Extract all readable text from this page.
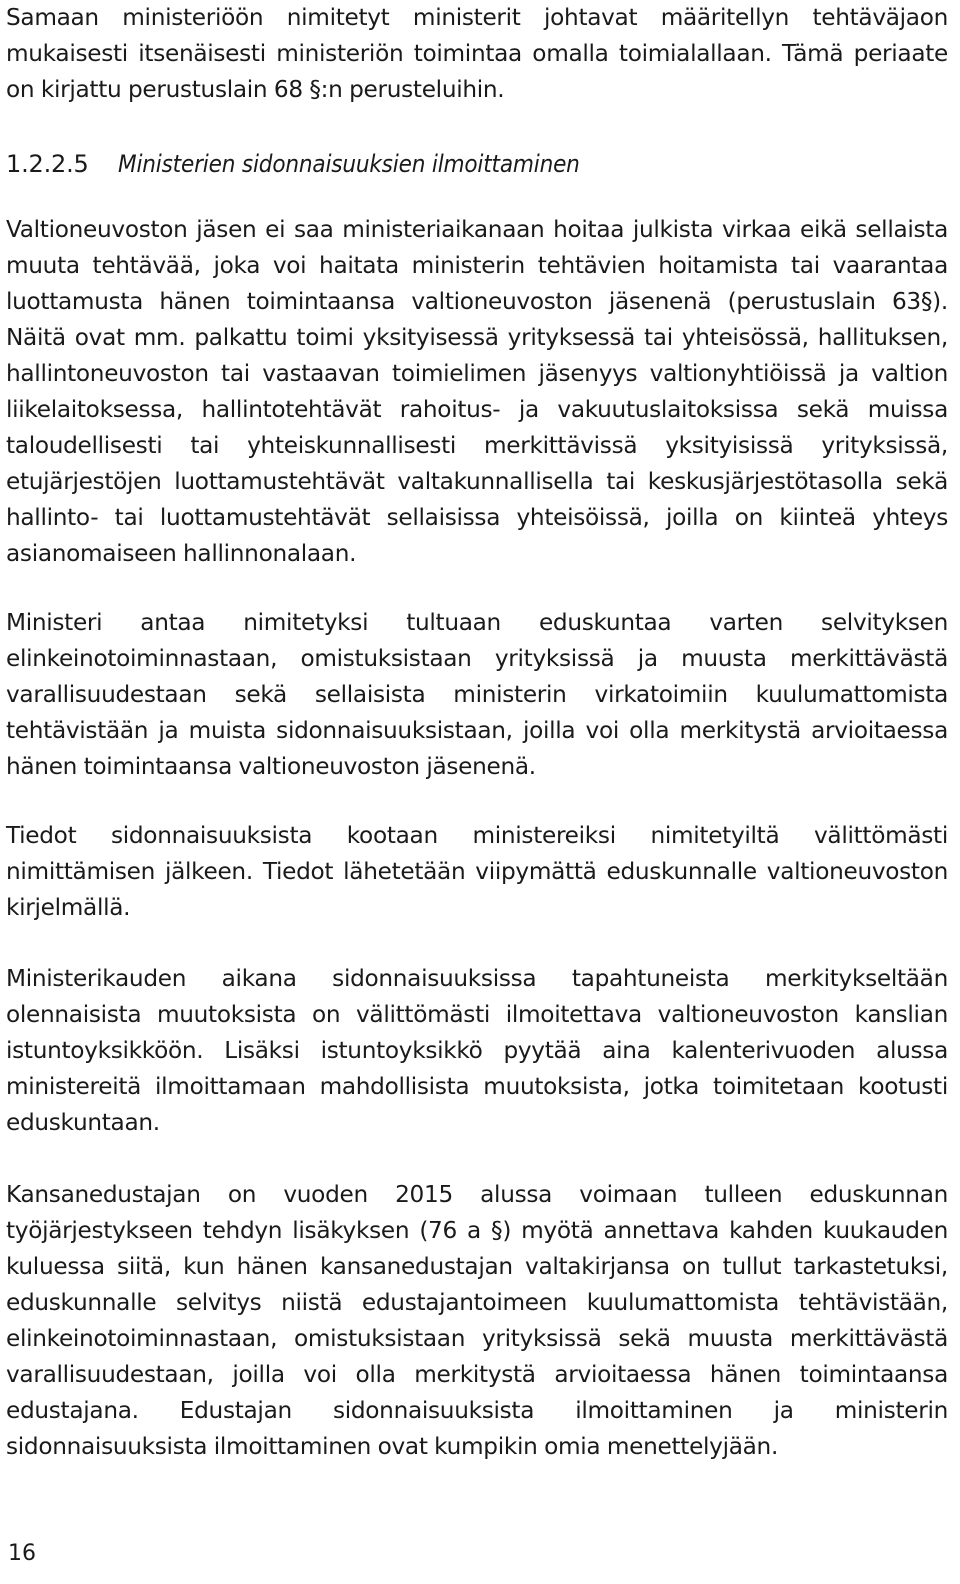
Samaan ministeriöön nimitetyt ministerit johtavat määritellyn tehtäväjaon mukaisesti itsenäisesti ministeriön toimintaa omalla toimialallaan. Tämä periaate on kirjattu perustuslain 68 §:n perusteluihin.

1.2.2.5 Ministerien sidonnaisuuksien ilmoittaminen

Valtioneuvoston jäsen ei saa ministeriaikanaan hoitaa julkista virkaa eikä sellaista muuta tehtävää, joka voi haitata ministerin tehtävien hoitamista tai vaarantaa luottamusta hänen toimintaansa valtioneuvoston jäsenenä (perustuslain 63§). Näitä ovat mm. palkattu toimi yksityisessä yrityksessä tai yhteisössä, hallituksen, hallintoneuvoston tai vastaavan toimielimen jäsenyys valtionyhtiöissä ja valtion liikelaitoksessa, hallintotehtävät rahoitus- ja vakuutuslaitoksissa sekä muissa taloudellisesti tai yhteiskunnallisesti merkittävissä yksityisissä yrityksissä, etujärjestöjen luottamustehtävät valtakunnallisella tai keskusjärjestötasolla sekä hallinto- tai luottamustehtävät sellaisissa yhteisöissä, joilla on kiinteä yhteys asianomaiseen hallinnonalaan.

Ministeri antaa nimitetyksi tultuaan eduskuntaa varten selvityksen elinkeinotoiminnastaan, omistuksistaan yrityksissä ja muusta merkittävästä varallisuudestaan sekä sellaisista ministerin virkatoimiin kuulumattomista tehtävistään ja muista sidonnaisuuksistaan, joilla voi olla merkitystä arvioitaessa hänen toimintaansa valtioneuvoston jäsenenä.

Tiedot sidonnaisuuksista kootaan ministereiksi nimitetyiltä välittömästi nimittämisen jälkeen. Tiedot lähetetään viipymättä eduskunnalle valtioneuvoston kirjelmällä.

Ministerikauden aikana sidonnaisuuksissa tapahtuneista merkitykseltään olennaisista muutoksista on välittömästi ilmoitettava valtioneuvoston kanslian istuntoyksikköön. Lisäksi istuntoyksikkö pyytää aina kalenterivuoden alussa ministereitä ilmoittamaan mahdollisista muutoksista, jotka toimitetaan kootusti eduskuntaan.

Kansanedustajan on vuoden 2015 alussa voimaan tulleen eduskunnan työjärjestykseen tehdyn lisäkyksen (76 a §) myötä annettava kahden kuukauden kuluessa siitä, kun hänen kansanedustajan valtakirjansa on tullut tarkastetuksi, eduskunnalle selvitys niistä edustajantoimeen kuulumattomista tehtävistään, elinkeinotoiminnastaan, omistuksistaan yrityksissä sekä muusta merkittävästä varallisuudestaan, joilla voi olla merkitystä arvioitaessa hänen toimintaansa edustajana. Edustajan sidonnaisuuksista ilmoittaminen ja ministerin sidonnaisuuksista ilmoittaminen ovat kumpikin omia menettelyjään.

16
